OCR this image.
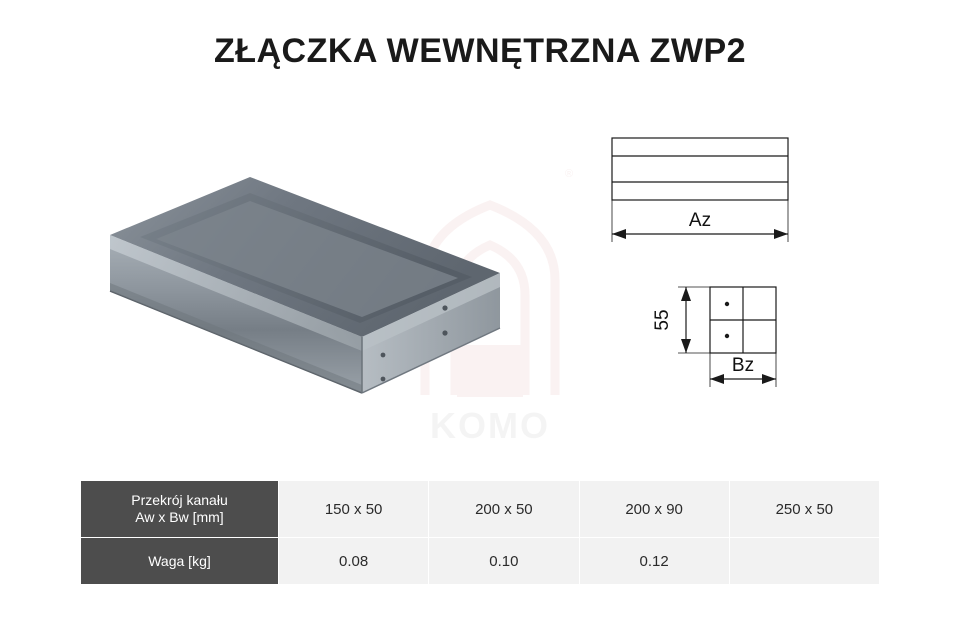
ZŁĄCZKA WEWNĘTRZNA ZWP2
®
KOMO
Az
55
Bz
Przekrój kanału
Aw x Bw [mm]	150 x 50	200 x 50	200 x 90	250 x 50

Waga [kg]	0.08	0.10	0.12	
